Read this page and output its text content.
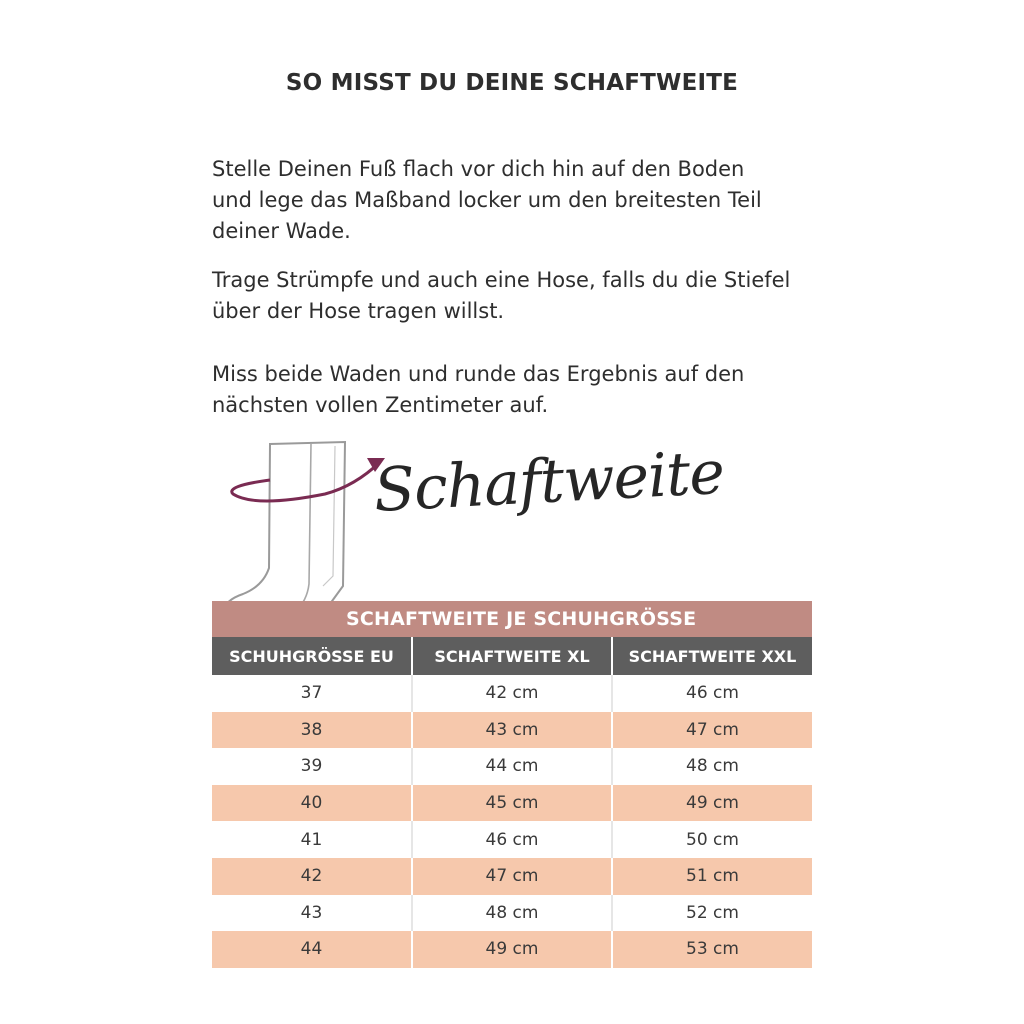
SO MISST DU DEINE SCHAFTWEITE
Stelle Deinen Fuß flach vor dich hin auf den Boden
und lege das Maßband locker um den breitesten Teil
deiner Wade.
Trage Strümpfe und auch eine Hose, falls du die Stiefel
über der Hose tragen willst.
Miss beide Waden und runde das Ergebnis auf den
nächsten vollen Zentimeter auf.
Schaftweite
SCHAFTWEITE JE SCHUHGRÖSSE
SCHUHGRÖSSE EU	SCHAFTWEITE XL	SCHAFTWEITE XXL
37	42 cm	46 cm
38	43 cm	47 cm
39	44 cm	48 cm
40	45 cm	49 cm
41	46 cm	50 cm
42	47 cm	51 cm
43	48 cm	52 cm
44	49 cm	53 cm
